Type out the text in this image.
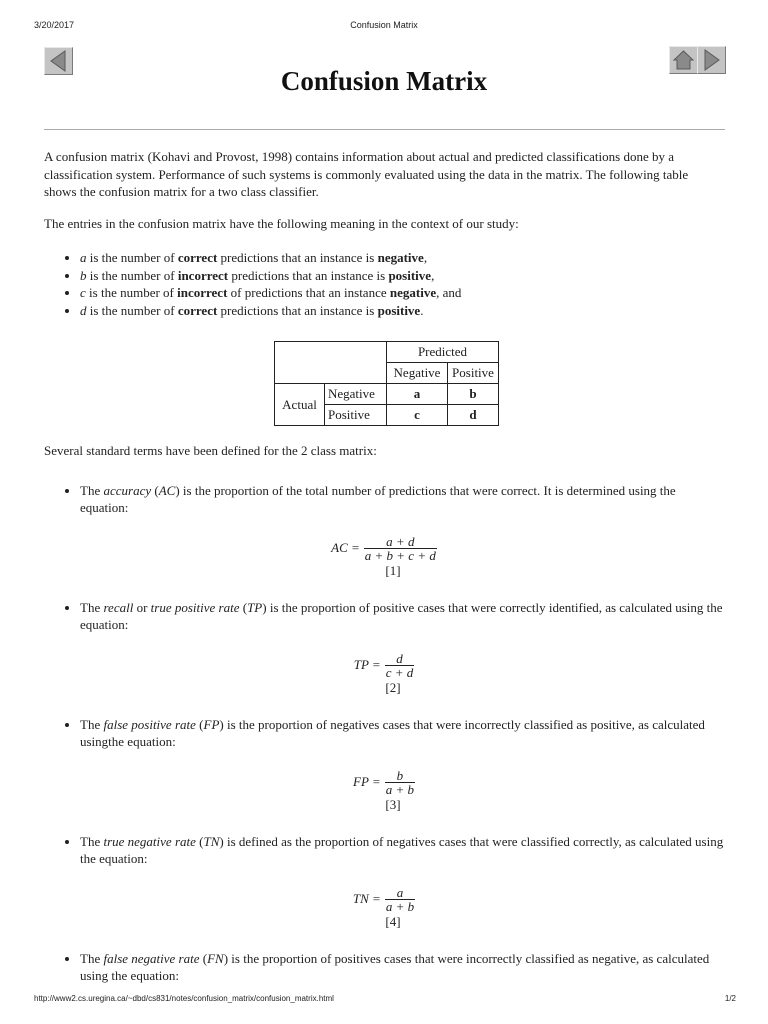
3/20/2017	Confusion Matrix
Confusion Matrix

A confusion matrix (Kohavi and Provost, 1998) contains information about actual and predicted classifications done by a classification system. Performance of such systems is commonly evaluated using the data in the matrix. The following table shows the confusion matrix for a two class classifier.

The entries in the confusion matrix have the following meaning in the context of our study:

• a is the number of correct predictions that an instance is negative,
• b is the number of incorrect predictions that an instance is positive,
• c is the number of incorrect of predictions that an instance negative, and
• d is the number of correct predictions that an instance is positive.
		Predicted	
		Negative	Positive
Actual	Negative	a	b
	Positive	c	d

Several standard terms have been defined for the 2 class matrix:

• The accuracy (AC) is the proportion of the total number of predictions that were correct. It is determined using the equation:
AC = $\frac{a + d}{a + b + c + d}$
[1]
• The recall or true positive rate (TP) is the proportion of positive cases that were correctly identified, as calculated using the equation:
TP = $\frac{d}{c + d}$
[2]
• The false positive rate (FP) is the proportion of negatives cases that were incorrectly classified as positive, as calculated usingthe equation:
FP = $\frac{b}{a + b}$
[3]
• The true negative rate (TN) is defined as the proportion of negatives cases that were classified correctly, as calculated using the equation:
TN = $\frac{a}{a + b}$
[4]
• The false negative rate (FN) is the proportion of positives cases that were incorrectly classified as negative, as calculated using the equation:
http://www2.cs.uregina.ca/~dbd/cs831/notes/confusion_matrix/confusion_matrix.html	1/2
